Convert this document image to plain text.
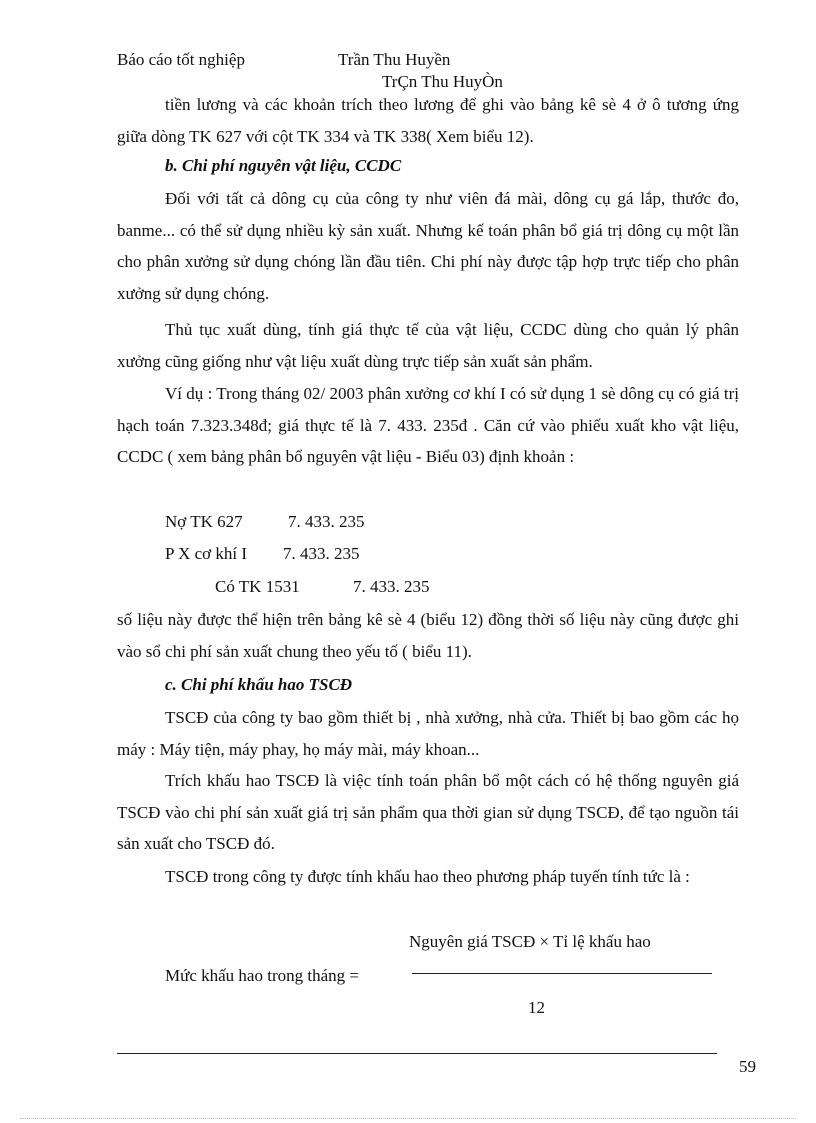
Báo cáo tốt nghiệp	Trần Thu Huyền
TrÇn Thu HuyÒn

tiền lương và các khoản trích theo lương để ghi vào bảng kê sè 4 ở ô tương ứng giữa dòng TK 627 với cột TK 334 và TK 338( Xem biểu 12).

b. Chi phí nguyên vật liệu, CCDC

Đối với tất cả dông cụ của công ty như viên đá mài, dông cụ gá lắp, thước đo, banme... có thể sử dụng nhiều kỳ sản xuất. Nhưng kế toán phân bổ giá trị dông cụ một lần cho phân xưởng sử dụng chóng lần đầu tiên. Chi phí này được tập hợp trực tiếp cho phân xưởng sử dụng chóng.

Thủ tục xuất dùng, tính giá thực tế của vật liệu, CCDC dùng cho quản lý phân xưởng cũng giống như vật liệu xuất dùng trực tiếp sản xuất sản phẩm.

Ví dụ : Trong tháng 02/ 2003 phân xưởng cơ khí I có sử dụng 1 sè dông cụ có giá trị hạch toán 7.323.348đ; giá thực tế là 7. 433. 235đ . Căn cứ vào phiếu xuất kho vật liệu, CCDC ( xem bảng phân bổ nguyên vật liệu - Biểu 03) định khoản :

Nợ TK 627	7. 433. 235
P X cơ khí I 7. 433. 235
Có TK 1531	7. 433. 235

số liệu này được thể hiện trên bảng kê sè 4 (biểu 12) đồng thời số liệu này cũng được ghi vào sổ chi phí sản xuất chung theo yếu tố ( biểu 11).

c. Chi phí khấu hao TSCĐ

TSCĐ của công ty bao gồm thiết bị , nhà xưởng, nhà cửa. Thiết bị bao gồm các họ máy : Máy tiện, máy phay, họ máy mài, máy khoan...

Trích khấu hao TSCĐ là việc tính toán phân bổ một cách có hệ thống nguyên giá TSCĐ vào chi phí sản xuất giá trị sản phẩm qua thời gian sử dụng TSCĐ, để tạo nguồn tái sản xuất cho TSCĐ đó.

TSCĐ trong công ty được tính khấu hao theo phương pháp tuyến tính tức là :

Nguyên giá TSCĐ × Tỉ lệ khấu hao
Mức khấu hao trong tháng =
12
59
